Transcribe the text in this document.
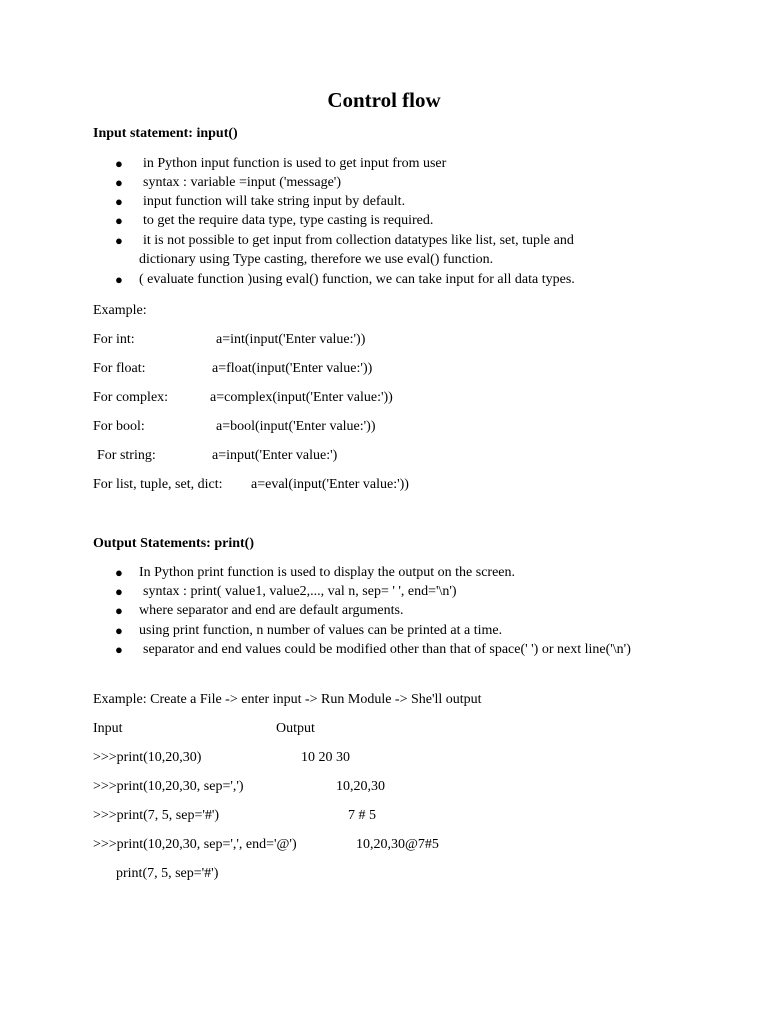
Control flow
Input statement: input()
● in Python input function is used to get input from user
● syntax : variable =input ('message')
● input function will take string input by default.
● to get the require data type, type casting is required.
● it is not possible to get input from collection datatypes like list, set, tuple and dictionary using Type casting, therefore we use eval() function.
● ( evaluate function )using eval() function, we can take input for all data types.
Example:
For int:	a=int(input('Enter value:'))
For float:	a=float(input('Enter value:'))
For complex:	a=complex(input('Enter value:'))
For bool:	a=bool(input('Enter value:'))
For string:	a=input('Enter value:')
For list, tuple, set, dict: a=eval(input('Enter value:'))
Output Statements: print()
● In Python print function is used to display the output on the screen.
● syntax : print( value1, value2,..., val n, sep= ' ', end='\n')
● where separator and end are default arguments.
● using print function, n number of values can be printed at a time.
● separator and end values could be modified other than that of space(' ') or next line('\n')
Example: Create a File -> enter input -> Run Module -> She'll output
Input	Output
>>>print(10,20,30)	10 20 30
>>>print(10,20,30, sep=',')	10,20,30
>>>print(7, 5, sep='#')	7 # 5
>>>print(10,20,30, sep=',', end='@')	10,20,30@7#5
print(7, 5, sep='#')
